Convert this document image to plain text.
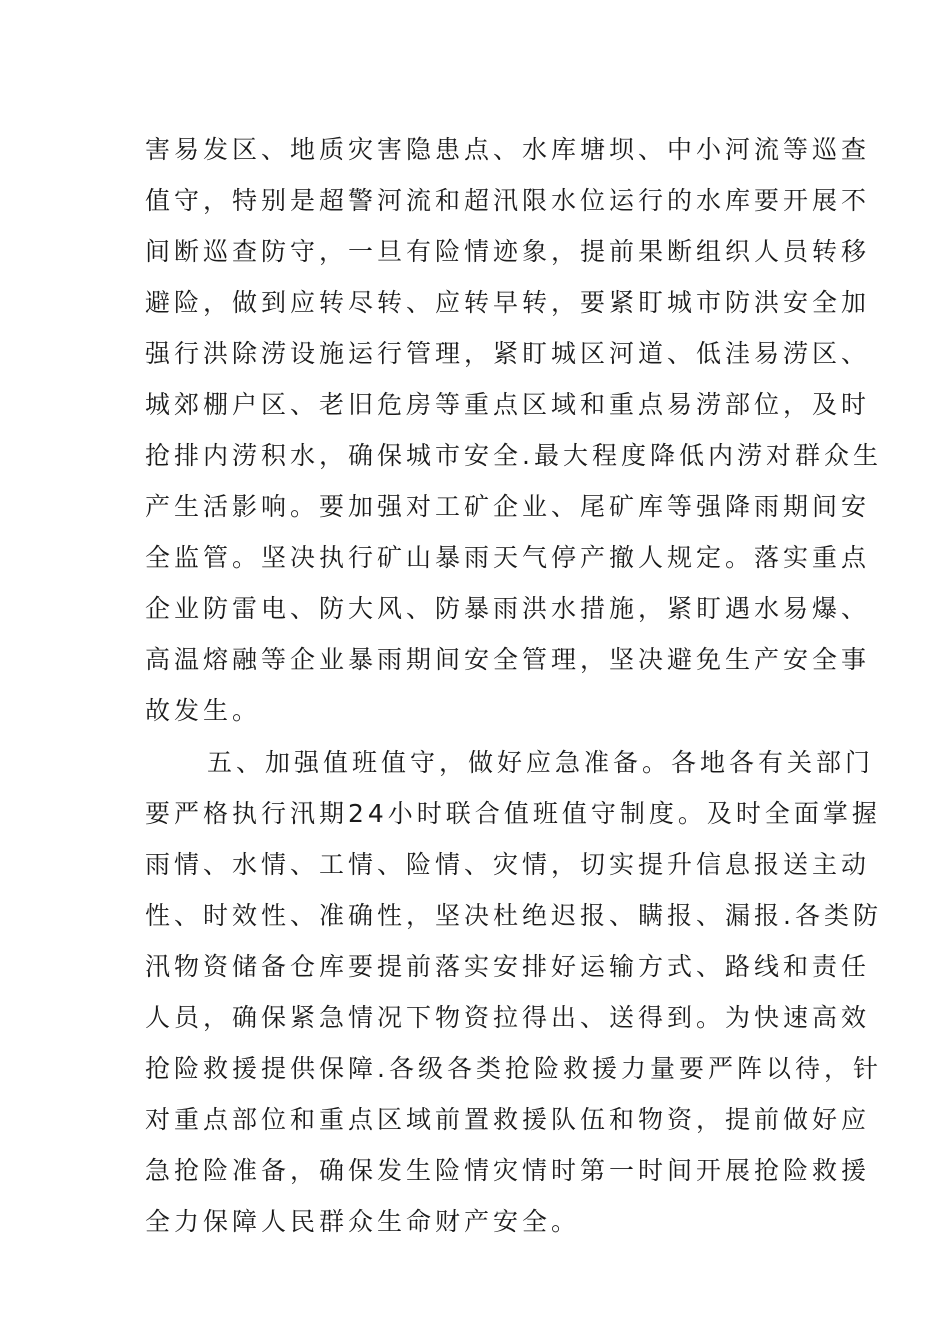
害易发区、地质灾害隐患点、水库塘坝、中小河流等巡查
值守，特别是超警河流和超汛限水位运行的水库要开展不
间断巡查防守，一旦有险情迹象，提前果断组织人员转移
避险，做到应转尽转、应转早转，要紧盯城市防洪安全加
强行洪除涝设施运行管理，紧盯城区河道、低洼易涝区、
城郊棚户区、老旧危房等重点区域和重点易涝部位，及时
抢排内涝积水，确保城市安全.最大程度降低内涝对群众生
产生活影响。要加强对工矿企业、尾矿库等强降雨期间安
全监管。坚决执行矿山暴雨天气停产撤人规定。落实重点
企业防雷电、防大风、防暴雨洪水措施，紧盯遇水易爆、
高温熔融等企业暴雨期间安全管理，坚决避免生产安全事
故发生。
五、加强值班值守，做好应急准备。各地各有关部门
要严格执行汛期24小时联合值班值守制度。及时全面掌握
雨情、水情、工情、险情、灾情，切实提升信息报送主动
性、时效性、准确性，坚决杜绝迟报、瞒报、漏报.各类防
汛物资储备仓库要提前落实安排好运输方式、路线和责任
人员，确保紧急情况下物资拉得出、送得到。为快速高效
抢险救援提供保障.各级各类抢险救援力量要严阵以待，针
对重点部位和重点区域前置救援队伍和物资，提前做好应
急抢险准备，确保发生险情灾情时第一时间开展抢险救援
全力保障人民群众生命财产安全。
